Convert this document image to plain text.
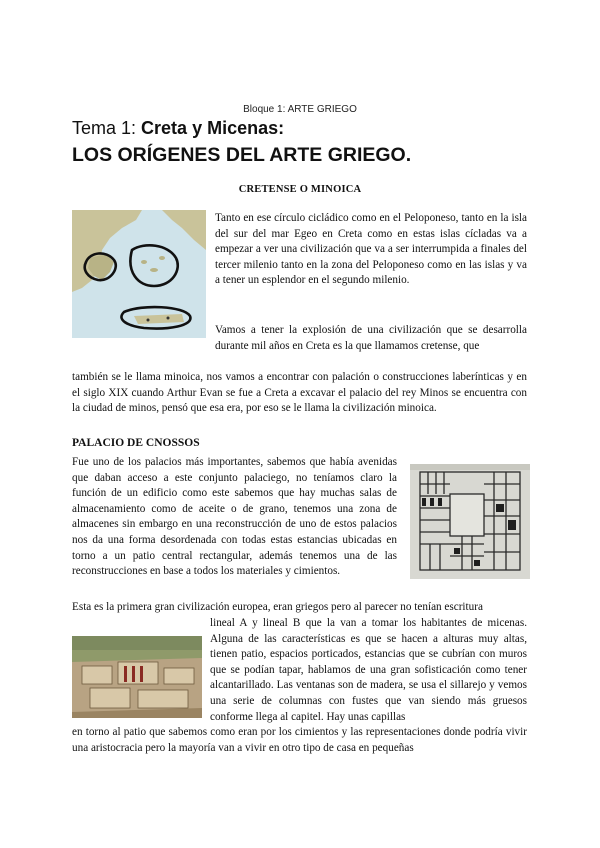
Bloque 1: ARTE GRIEGO
Tema 1: Creta y Micenas:
LOS ORÍGENES DEL ARTE GRIEGO.
CRETENSE O MINOICA
Tanto en ese círculo cicládico como en el Peloponeso, tanto en la isla del sur del mar Egeo en Creta como en estas islas cícladas va a empezar a ver una civilización que va a ser interrumpida a finales del tercer milenio tanto en la zona del Peloponeso como en las islas y va a tener un esplendor en el segundo milenio.
Vamos a tener la explosión de una civilización que se desarrolla durante mil años en Creta es la que llamamos cretense, que
también se le llama minoica, nos vamos a encontrar con palación o construcciones laberínticas y en el siglo XIX cuando Arthur Evan se fue a Creta a excavar el palacio del rey Minos se encuentra con la ciudad de minos, pensó que esa era, por eso se le llama la civilización minoica.
PALACIO DE CNOSSOS
Fue uno de los palacios más importantes, sabemos que había avenidas que daban acceso a este conjunto palaciego, no teníamos claro la función de un edificio como este sabemos que hay muchas salas de almacenamiento como de aceite o de grano, tenemos una zona de almacenes sin embargo en una reconstrucción de uno de estos palacios nos da una forma desordenada con todas estas estancias ubicadas en torno a un patio central rectangular, además tenemos una de las reconstrucciones en base a todos los materiales y cimientos.
Esta es la primera gran civilización europea, eran griegos pero al parecer no tenían escritura
lineal A y lineal B que la van a tomar los habitantes de micenas. Alguna de las características es que se hacen a alturas muy altas, tienen patio, espacios porticados, estancias que se cubrían con muros que se podían tapar, hablamos de una gran sofisticación como tener alcantarillado. Las ventanas son de madera, se usa el sillarejo y vemos una serie de columnas con fustes que van siendo más gruesos conforme llega al capitel. Hay unas capillas
en torno al patio que sabemos como eran por los cimientos y las representaciones donde podría vivir una aristocracia pero la mayoría van a vivir en otro tipo de casa en pequeñas
